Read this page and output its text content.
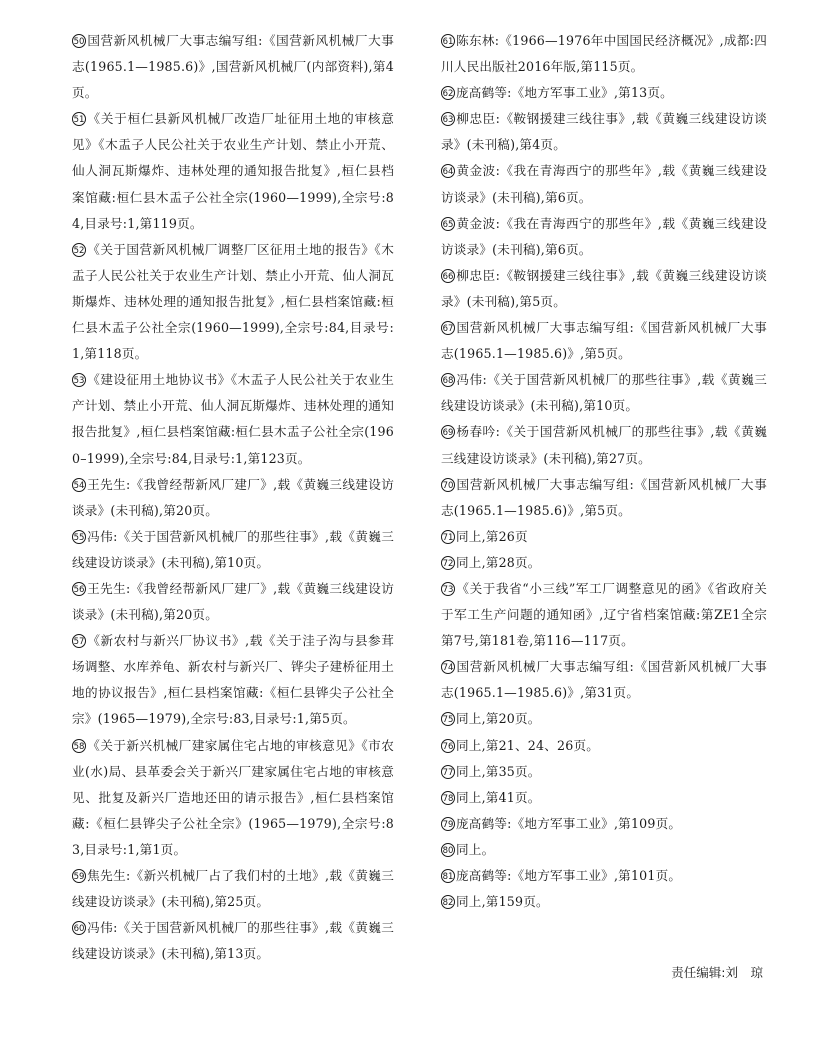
50 国营新风机械厂大事志编写组:《国营新风机械厂大事志(1965.1—1985.6)》,国营新风机械厂(内部资料),第4页。

51 《关于桓仁县新风机械厂改造厂址征用土地的审核意见》《木盂子人民公社关于农业生产计划、禁止小开荒、仙人洞瓦斯爆炸、违林处理的通知报告批复》,桓仁县档案馆藏:桓仁县木盂子公社全宗(1960—1999),全宗号:84,目录号:1,第119页。

52 《关于国营新风机械厂调整厂区征用土地的报告》《木盂子人民公社关于农业生产计划、禁止小开荒、仙人洞瓦斯爆炸、违林处理的通知报告批复》,桓仁县档案馆藏:桓仁县木盂子公社全宗(1960—1999),全宗号:84,目录号:1,第118页。

53 《建设征用土地协议书》《木盂子人民公社关于农业生产计划、禁止小开荒、仙人洞瓦斯爆炸、违林处理的通知报告批复》,桓仁县档案馆藏:桓仁县木盂子公社全宗(1960–1999),全宗号:84,目录号:1,第123页。

54 王先生:《我曾经帮新风厂建厂》,载《黄巍三线建设访谈录》(未刊稿),第20页。

55 冯伟:《关于国营新风机械厂的那些往事》,载《黄巍三线建设访谈录》(未刊稿),第10页。

56 王先生:《我曾经帮新风厂建厂》,载《黄巍三线建设访谈录》(未刊稿),第20页。

57 《新农村与新兴厂协议书》,载《关于洼子沟与县参茸场调整、水库养龟、新农村与新兴厂、铧尖子建桥征用土地的协议报告》,桓仁县档案馆藏:《桓仁县铧尖子公社全宗》(1965—1979),全宗号:83,目录号:1,第5页。

58 《关于新兴机械厂建家属住宅占地的审核意见》《市农业(水)局、县革委会关于新兴厂建家属住宅占地的审核意见、批复及新兴厂造地还田的请示报告》,桓仁县档案馆藏:《桓仁县铧尖子公社全宗》(1965—1979),全宗号:83,目录号:1,第1页。

59 焦先生:《新兴机械厂占了我们村的土地》,载《黄巍三线建设访谈录》(未刊稿),第25页。

60 冯伟:《关于国营新风机械厂的那些往事》,载《黄巍三线建设访谈录》(未刊稿),第13页。

61 陈东林:《1966—1976年中国国民经济概况》,成都:四川人民出版社2016年版,第115页。

62 庞高鹤等:《地方军事工业》,第13页。

63 柳忠臣:《鞍钢援建三线往事》,载《黄巍三线建设访谈录》(未刊稿),第4页。

64 黄金波:《我在青海西宁的那些年》,载《黄巍三线建设访谈录》(未刊稿),第6页。

65 黄金波:《我在青海西宁的那些年》,载《黄巍三线建设访谈录》(未刊稿),第6页。

66 柳忠臣:《鞍钢援建三线往事》,载《黄巍三线建设访谈录》(未刊稿),第5页。

67 国营新风机械厂大事志编写组:《国营新风机械厂大事志(1965.1—1985.6)》,第5页。

68 冯伟:《关于国营新风机械厂的那些往事》,载《黄巍三线建设访谈录》(未刊稿),第10页。

69 杨春吟:《关于国营新风机械厂的那些往事》,载《黄巍三线建设访谈录》(未刊稿),第27页。

70 国营新风机械厂大事志编写组:《国营新风机械厂大事志(1965.1—1985.6)》,第5页。

71 同上,第26页

72 同上,第28页。

73 《关于我省“小三线”军工厂调整意见的函》《省政府关于军工生产问题的通知函》,辽宁省档案馆藏:第ZE1全宗第7号,第181卷,第116—117页。

74 国营新风机械厂大事志编写组:《国营新风机械厂大事志(1965.1—1985.6)》,第31页。

75 同上,第20页。

76 同上,第21、24、26页。

77 同上,第35页。

78 同上,第41页。

79 庞高鹤等:《地方军事工业》,第109页。

80 同上。

81 庞高鹤等:《地方军事工业》,第101页。

82 同上,第159页。

责任编辑:刘　琼
